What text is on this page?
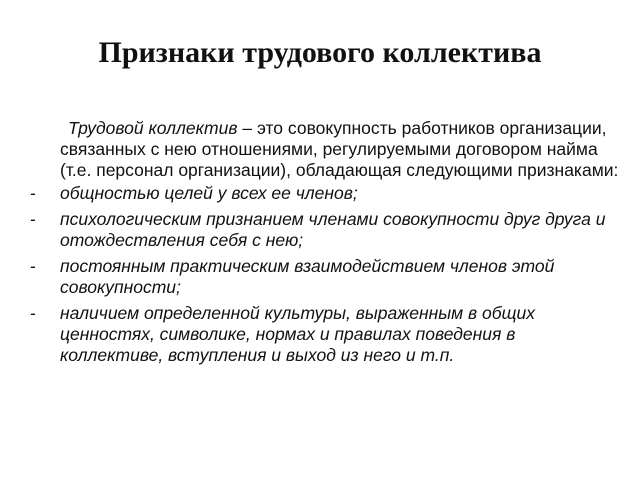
Признаки трудового коллектива

Трудовой коллектив – это совокупность работников организации, связанных с нею отношениями, регулируемыми договором найма (т.е. персонал организации), обладающая следующими признаками:

- общностью целей у всех ее членов;
- психологическим признанием членами совокупности друг друга и отождествления себя с нею;
- постоянным практическим взаимодействием членов этой совокупности;
- наличием определенной культуры, выраженным в общих ценностях, символике, нормах и правилах поведения в коллективе, вступления и выход из него и т.п.
